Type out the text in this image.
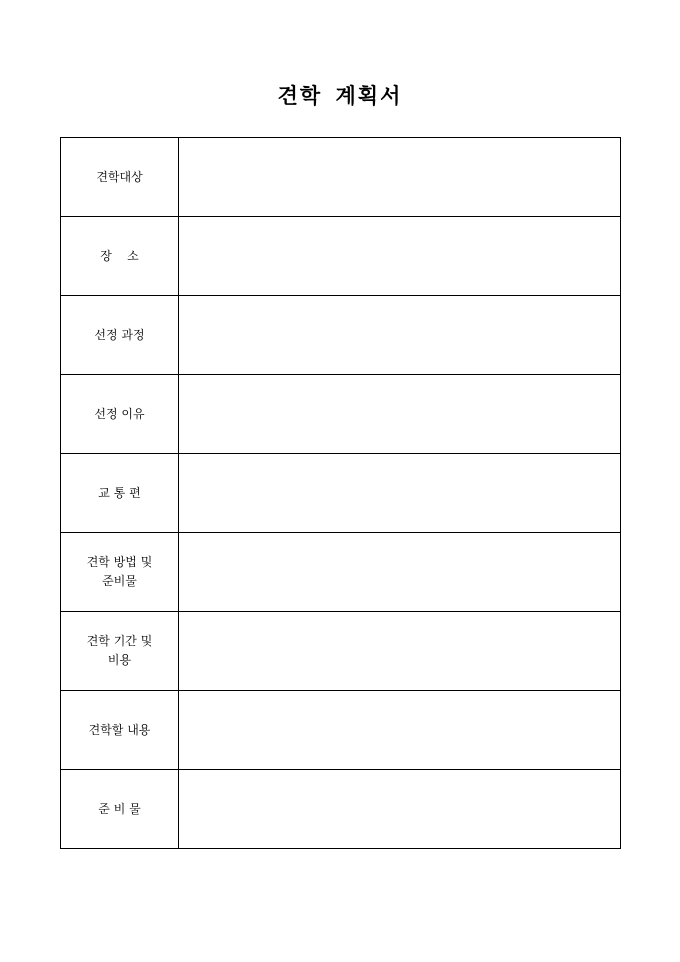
견학 계획서
견학대상	
장    소	
선정 과정	
선정 이유	
교 통 편	
견학 방법 및 준비물	
견학 기간 및 비용	
견학할 내용	
준 비 물	
